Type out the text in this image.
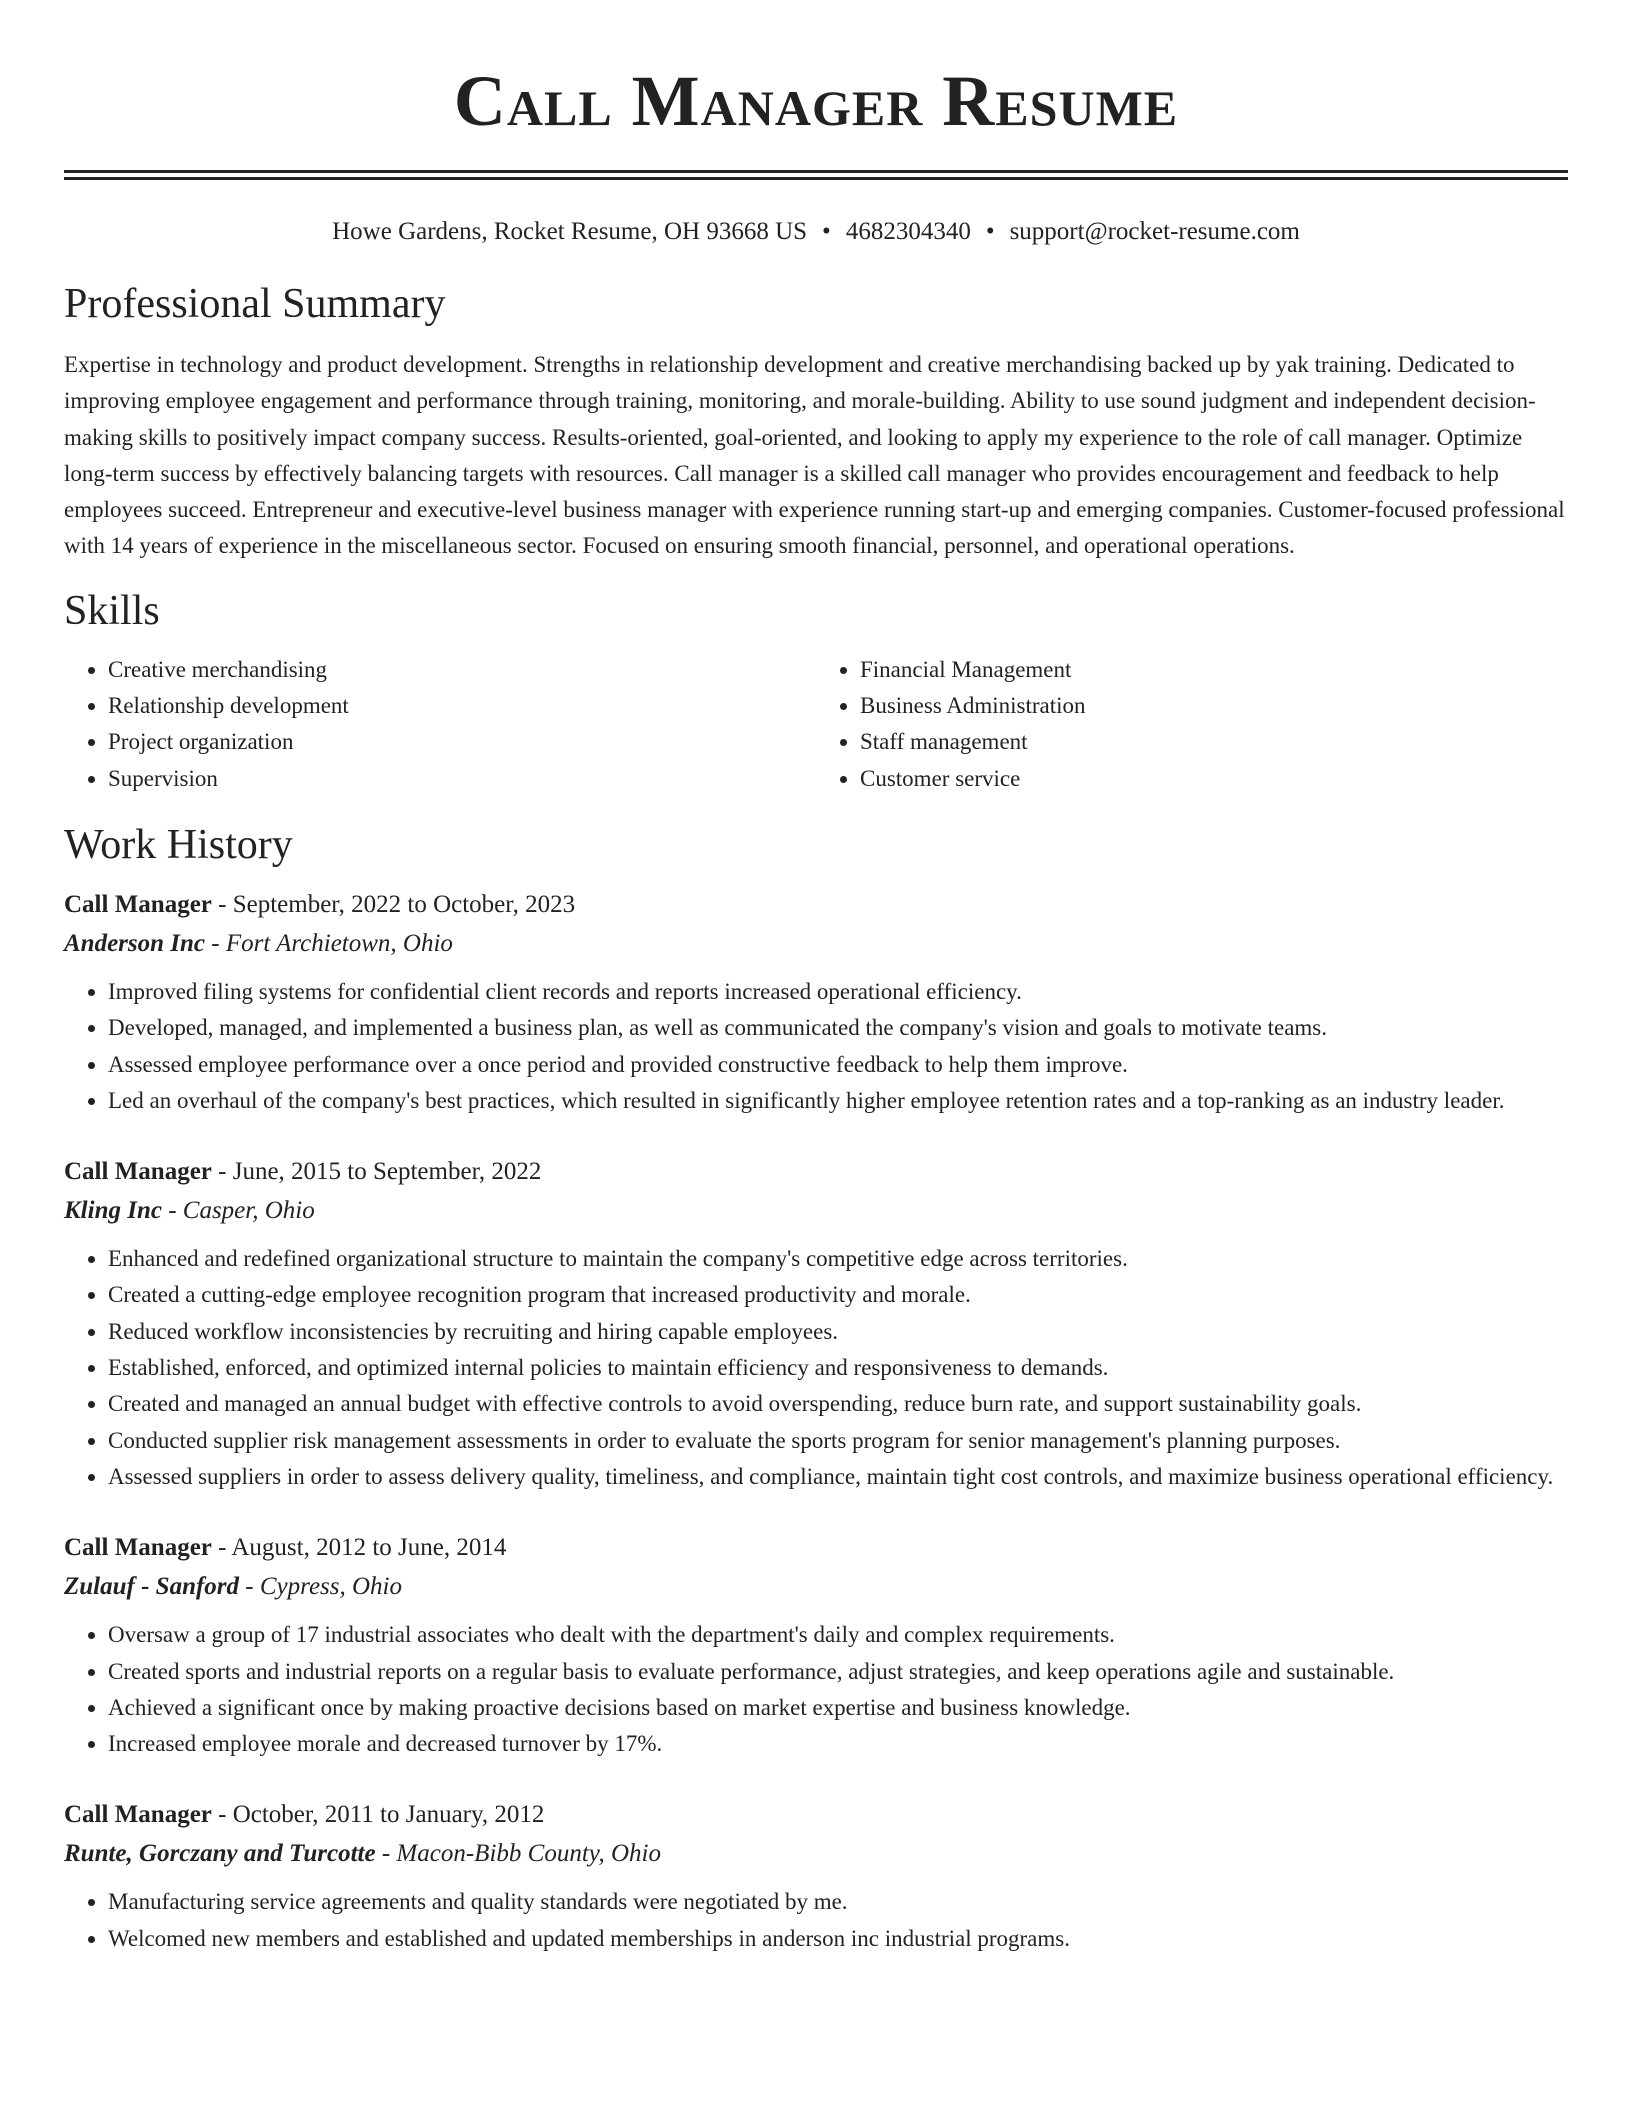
Call Manager Resume
Howe Gardens, Rocket Resume, OH 93668 US • 4682304340 • support@rocket-resume.com
Professional Summary

Expertise in technology and product development. Strengths in relationship development and creative merchandising backed up by yak training. Dedicated to improving employee engagement and performance through training, monitoring, and morale-building. Ability to use sound judgment and independent decision-making skills to positively impact company success. Results-oriented, goal-oriented, and looking to apply my experience to the role of call manager. Optimize long-term success by effectively balancing targets with resources. Call manager is a skilled call manager who provides encouragement and feedback to help employees succeed. Entrepreneur and executive-level business manager with experience running start-up and emerging companies. Customer-focused professional with 14 years of experience in the miscellaneous sector. Focused on ensuring smooth financial, personnel, and operational operations.

Skills
• Creative merchandising
• Relationship development
• Project organization
• Supervision
• Financial Management
• Business Administration
• Staff management
• Customer service
Work History
Call Manager - September, 2022 to October, 2023
Anderson Inc - Fort Archietown, Ohio
• Improved filing systems for confidential client records and reports increased operational efficiency.
• Developed, managed, and implemented a business plan, as well as communicated the company's vision and goals to motivate teams.
• Assessed employee performance over a once period and provided constructive feedback to help them improve.
• Led an overhaul of the company's best practices, which resulted in significantly higher employee retention rates and a top-ranking as an industry leader.
Call Manager - June, 2015 to September, 2022
Kling Inc - Casper, Ohio
• Enhanced and redefined organizational structure to maintain the company's competitive edge across territories.
• Created a cutting-edge employee recognition program that increased productivity and morale.
• Reduced workflow inconsistencies by recruiting and hiring capable employees.
• Established, enforced, and optimized internal policies to maintain efficiency and responsiveness to demands.
• Created and managed an annual budget with effective controls to avoid overspending, reduce burn rate, and support sustainability goals.
• Conducted supplier risk management assessments in order to evaluate the sports program for senior management's planning purposes.
• Assessed suppliers in order to assess delivery quality, timeliness, and compliance, maintain tight cost controls, and maximize business operational efficiency.
Call Manager - August, 2012 to June, 2014
Zulauf - Sanford - Cypress, Ohio
• Oversaw a group of 17 industrial associates who dealt with the department's daily and complex requirements.
• Created sports and industrial reports on a regular basis to evaluate performance, adjust strategies, and keep operations agile and sustainable.
• Achieved a significant once by making proactive decisions based on market expertise and business knowledge.
• Increased employee morale and decreased turnover by 17%.
Call Manager - October, 2011 to January, 2012
Runte, Gorczany and Turcotte - Macon-Bibb County, Ohio
• Manufacturing service agreements and quality standards were negotiated by me.
• Welcomed new members and established and updated memberships in anderson inc industrial programs.
